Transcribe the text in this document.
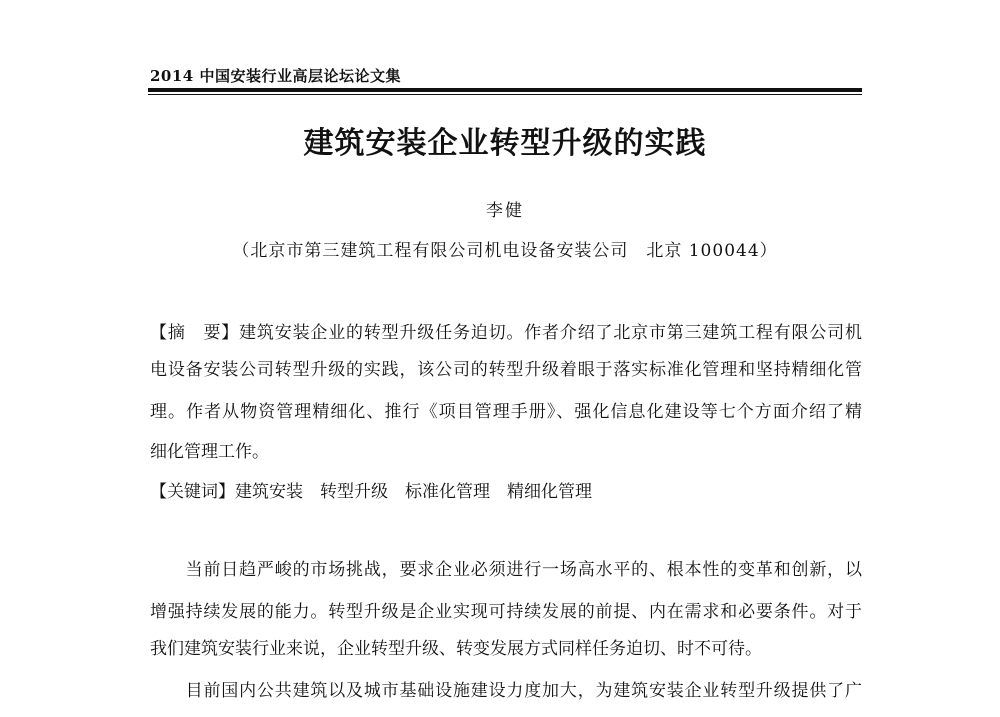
2014 中国安装行业高层论坛论文集
建筑安装企业转型升级的实践
李健
（北京市第三建筑工程有限公司机电设备安装公司　北京 100044）
【摘　要】建筑安装企业的转型升级任务迫切。作者介绍了北京市第三建筑工程有限公司机
电设备安装公司转型升级的实践，该公司的转型升级着眼于落实标准化管理和坚持精细化管
理。作者从物资管理精细化、推行《项目管理手册》、强化信息化建设等七个方面介绍了精
细化管理工作。
【关键词】建筑安装　转型升级　标准化管理　精细化管理
　　当前日趋严峻的市场挑战，要求企业必须进行一场高水平的、根本性的变革和创新，以
增强持续发展的能力。转型升级是企业实现可持续发展的前提、内在需求和必要条件。对于
我们建筑安装行业来说，企业转型升级、转变发展方式同样任务迫切、时不可待。
　　目前国内公共建筑以及城市基础设施建设力度加大，为建筑安装企业转型升级提供了广
